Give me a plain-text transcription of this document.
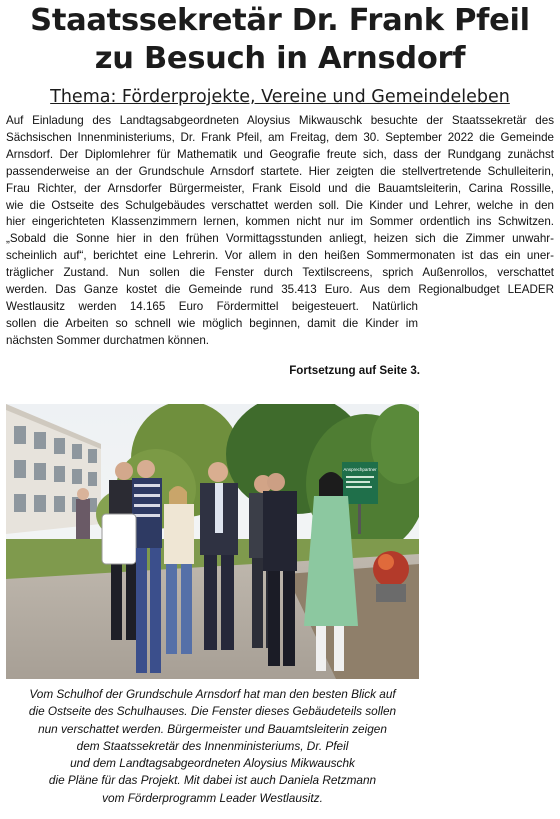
Staatssekretär Dr. Frank Pfeil
zu Besuch in Arnsdorf
Thema: Förderprojekte, Vereine und Gemeindeleben
Auf Einladung des Landtagsabgeordneten Aloysius Mikwauschk besuchte der Staatssekretär des
Sächsischen Innenministeriums, Dr. Frank Pfeil, am Freitag, dem 30. September 2022 die Gemeinde
Arnsdorf. Der Diplomlehrer für Mathematik und Geografie freute sich, dass der Rundgang zunächst
passenderweise an der Grundschule Arnsdorf startete. Hier zeigten die stellvertretende Schulleiterin,
Frau Richter, der Arnsdorfer Bürgermeister, Frank Eisold und die Bauamtsleiterin, Carina Rossille,
wie die Ostseite des Schulgebäudes verschattet werden soll. Die Kinder und Lehrer, welche in den
hier eingerichteten Klassenzimmern lernen, kommen nicht nur im Sommer ordentlich ins Schwitzen.
„Sobald die Sonne hier in den frühen Vormittagsstunden anliegt, heizen sich die Zimmer unwahr-
scheinlich auf“, berichtet eine Lehrerin. Vor allem in den heißen Sommermonaten ist das ein uner-
träglicher Zustand. Nun sollen die Fenster durch Textilscreens, sprich Außenrollos, verschattet
werden. Das Ganze kostet die Gemeinde rund 35.413 Euro. Aus dem Regionalbudget LEADER
Westlausitz werden 14.165 Euro Fördermittel beigesteuert. Natürlich
sollen die Arbeiten so schnell wie möglich beginnen, damit die Kinder im
nächsten Sommer durchatmen können.
Fortsetzung auf Seite 3.
Ansprechpartner
Vom Schulhof der Grundschule Arnsdorf hat man den besten Blick auf
die Ostseite des Schulhauses. Die Fenster dieses Gebäudeteils sollen
nun verschattet werden. Bürgermeister und Bauamtsleiterin zeigen
dem Staatssekretär des Innenministeriums, Dr. Pfeil
und dem Landtagsabgeordneten Aloysius Mikwauschk
die Pläne für das Projekt. Mit dabei ist auch Daniela Retzmann
vom Förderprogramm Leader Westlausitz.
